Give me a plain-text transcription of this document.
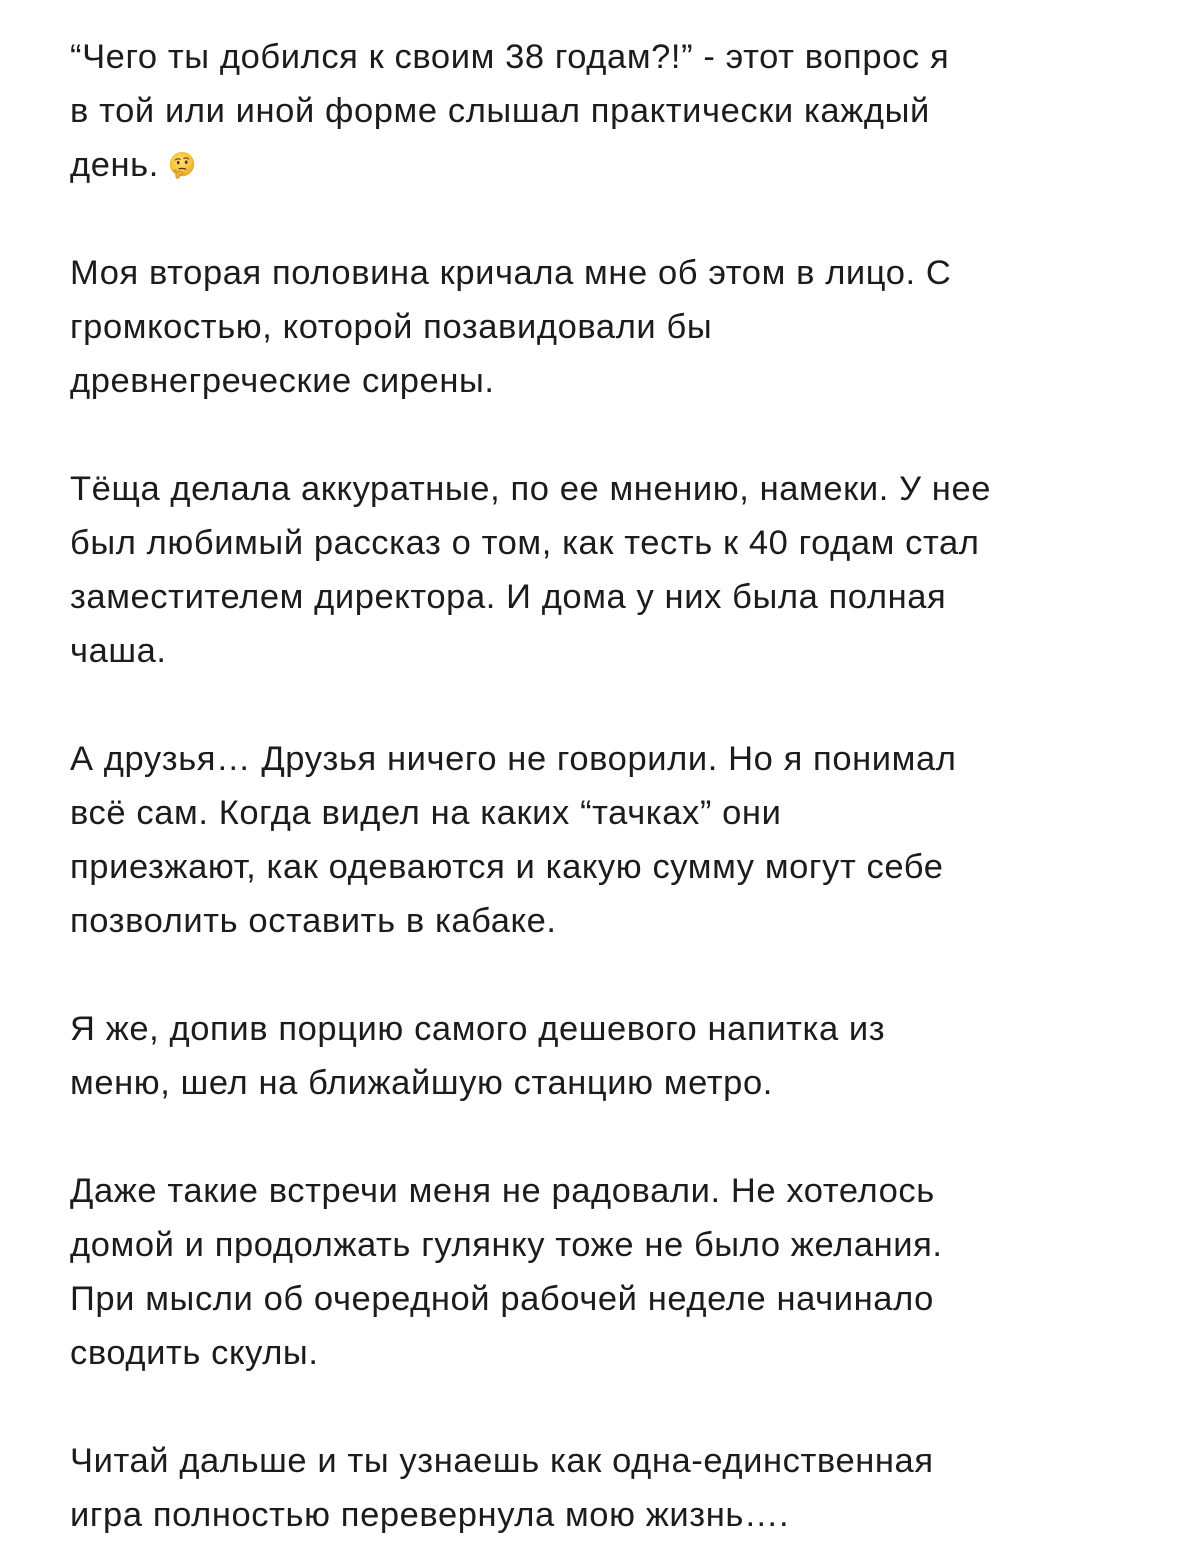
“Чего ты добился к своим 38 годам?!” - этот вопрос я
в той или иной форме слышал практически каждый
день.

Моя вторая половина кричала мне об этом в лицо. С
громкостью, которой позавидовали бы
древнегреческие сирены.

Тёща делала аккуратные, по ее мнению, намеки. У нее
был любимый рассказ о том, как тесть к 40 годам стал
заместителем директора. И дома у них была полная
чаша.

А друзья… Друзья ничего не говорили. Но я понимал
всё сам. Когда видел на каких “тачках” они
приезжают, как одеваются и какую сумму могут себе
позволить оставить в кабаке.

Я же, допив порцию самого дешевого напитка из
меню, шел на ближайшую станцию метро.

Даже такие встречи меня не радовали. Не хотелось
домой и продолжать гулянку тоже не было желания.
При мысли об очередной рабочей неделе начинало
сводить скулы.

Читай дальше и ты узнаешь как одна-единственная
игра полностью перевернула мою жизнь….
